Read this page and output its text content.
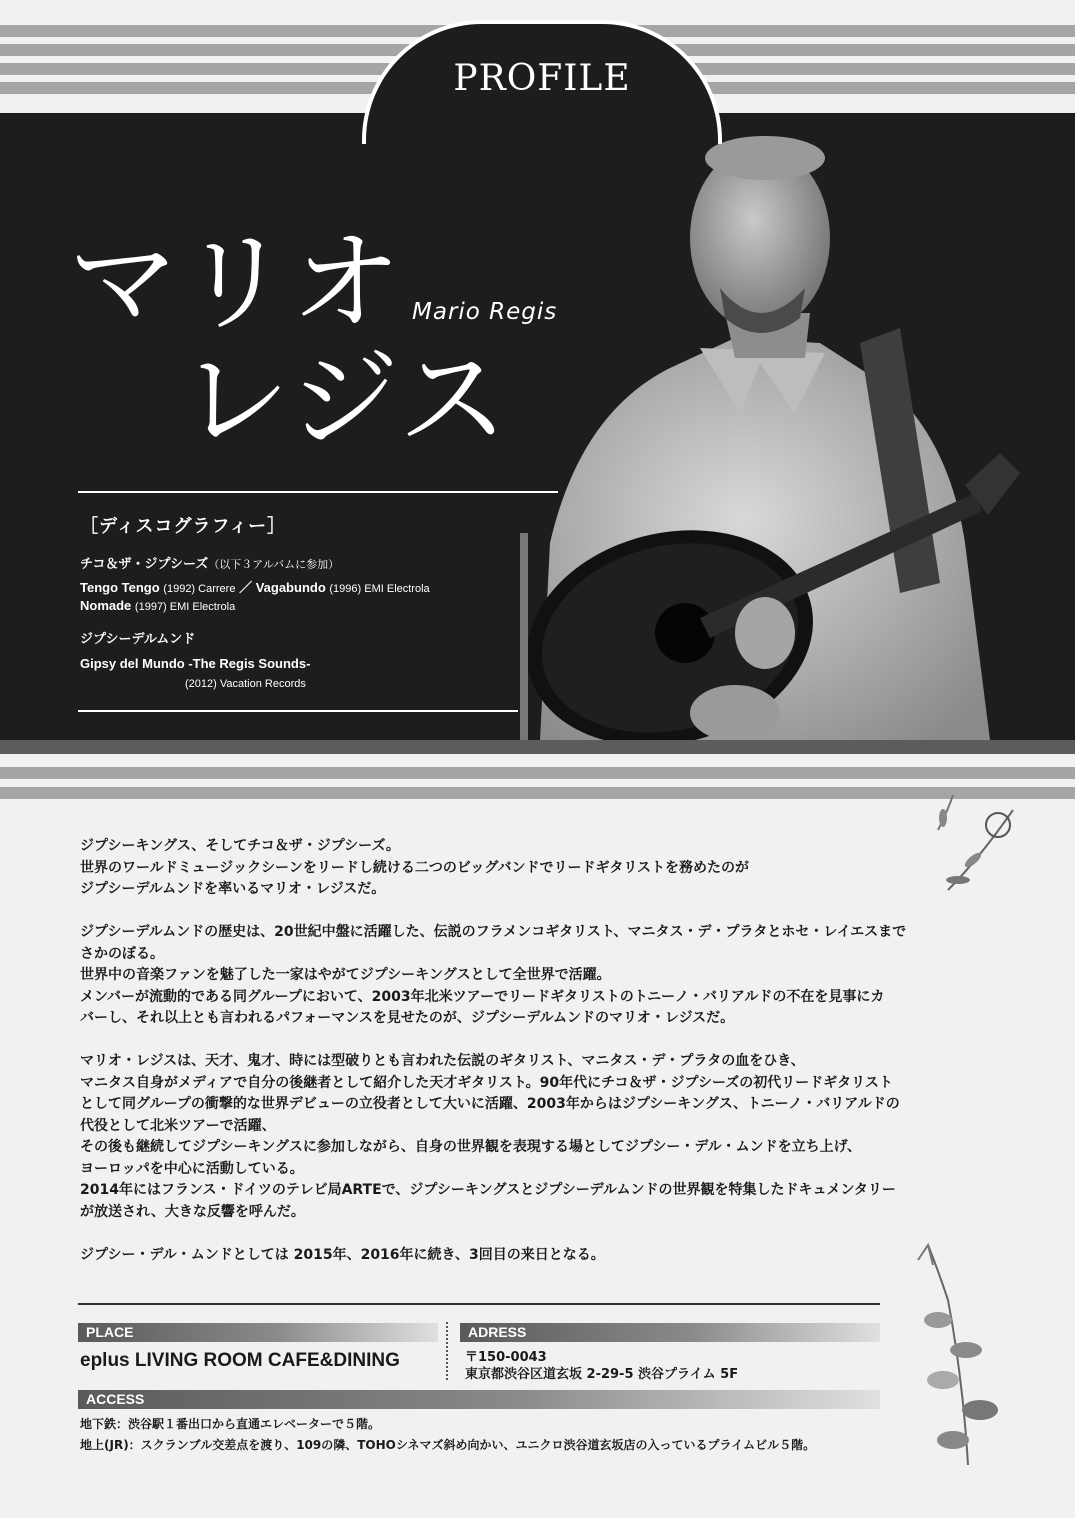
PROFILE
マリオ
レジス
Mario Regis
［ディスコグラフィー］
チコ＆ザ・ジプシーズ（以下３アルバムに参加）
Tengo Tengo (1992) Carrere ／ Vagabundo (1996) EMI Electrola
Nomade (1997) EMI Electrola
ジプシーデルムンド
Gipsy del Mundo -The Regis Sounds-
(2012) Vacation Records

ジプシーキングス、そしてチコ＆ザ・ジプシーズ。
世界のワールドミュージックシーンをリードし続ける二つのビッグバンドでリードギタリストを務めたのが
ジプシーデルムンドを率いるマリオ・レジスだ。

ジプシーデルムンドの歴史は、20世紀中盤に活躍した、伝説のフラメンコギタリスト、マニタス・デ・プラタとホセ・レイエスまで
さかのぼる。
世界中の音楽ファンを魅了した一家はやがてジプシーキングスとして全世界で活躍。
メンバーが流動的である同グループにおいて、2003年北米ツアーでリードギタリストのトニーノ・バリアルドの不在を見事にカ
バーし、それ以上とも言われるパフォーマンスを見せたのが、ジプシーデルムンドのマリオ・レジスだ。

マリオ・レジスは、天才、鬼才、時には型破りとも言われた伝説のギタリスト、マニタス・デ・プラタの血をひき、
マニタス自身がメディアで自分の後継者として紹介した天才ギタリスト。90年代にチコ＆ザ・ジプシーズの初代リードギタリスト
として同グループの衝撃的な世界デビューの立役者として大いに活躍、2003年からはジプシーキングス、トニーノ・バリアルドの
代役として北米ツアーで活躍、
その後も継続してジプシーキングスに参加しながら、自身の世界観を表現する場としてジプシー・デル・ムンドを立ち上げ、
ヨーロッパを中心に活動している。
2014年にはフランス・ドイツのテレビ局ARTEで、ジプシーキングスとジプシーデルムンドの世界観を特集したドキュメンタリー
が放送され、大きな反響を呼んだ。

ジプシー・デル・ムンドとしては 2015年、2016年に続き、3回目の来日となる。

PLACE
eplus LIVING ROOM CAFE&DINING
ADRESS
〒150-0043
東京都渋谷区道玄坂 2-29-5 渋谷プライム 5F
ACCESS
地下鉄：渋谷駅１番出口から直通エレベーターで５階。
地上(JR)：スクランブル交差点を渡り、109の隣、TOHOシネマズ斜め向かい、ユニクロ渋谷道玄坂店の入っているプライムビル５階。
